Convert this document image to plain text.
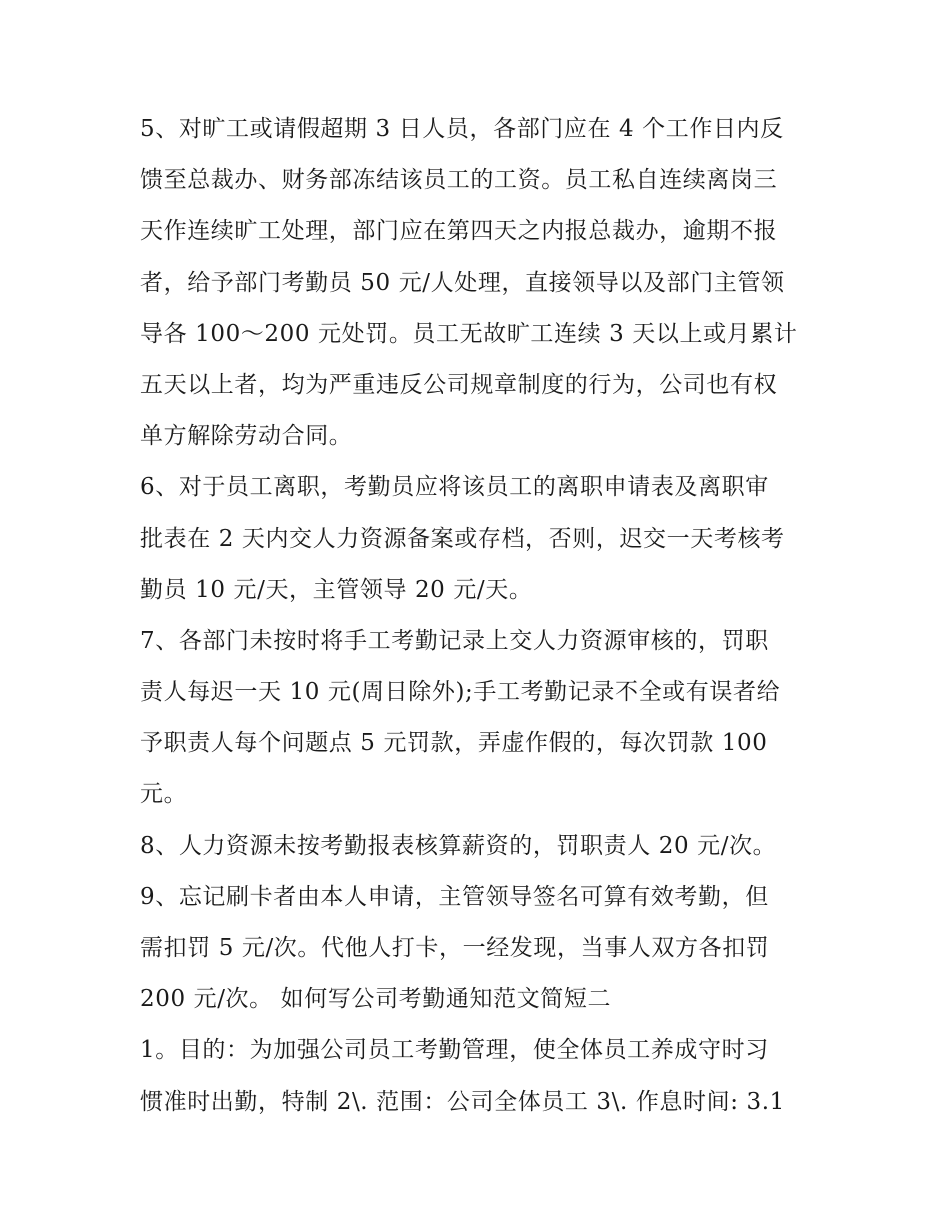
5、对旷工或请假超期 3 日人员，各部门应在 4 个工作日内反
馈至总裁办、财务部冻结该员工的工资。员工私自连续离岗三
天作连续旷工处理，部门应在第四天之内报总裁办，逾期不报
者，给予部门考勤员 50 元/人处理，直接领导以及部门主管领
导各 100～200 元处罚。员工无故旷工连续 3 天以上或月累计
五天以上者，均为严重违反公司规章制度的行为，公司也有权
单方解除劳动合同。
6、对于员工离职，考勤员应将该员工的离职申请表及离职审
批表在 2 天内交人力资源备案或存档，否则，迟交一天考核考
勤员 10 元/天，主管领导 20 元/天。
7、各部门未按时将手工考勤记录上交人力资源审核的，罚职
责人每迟一天 10 元(周日除外);手工考勤记录不全或有误者给
予职责人每个问题点 5 元罚款，弄虚作假的，每次罚款 100
元。
8、人力资源未按考勤报表核算薪资的，罚职责人 20 元/次。
9、忘记刷卡者由本人申请，主管领导签名可算有效考勤，但
需扣罚 5 元/次。代他人打卡，一经发现，当事人双方各扣罚
200 元/次。 如何写公司考勤通知范文简短二
1。目的：为加强公司员工考勤管理，使全体员工养成守时习
惯准时出勤，特制 2\. 范围：公司全体员工 3\. 作息时间: 3.1
